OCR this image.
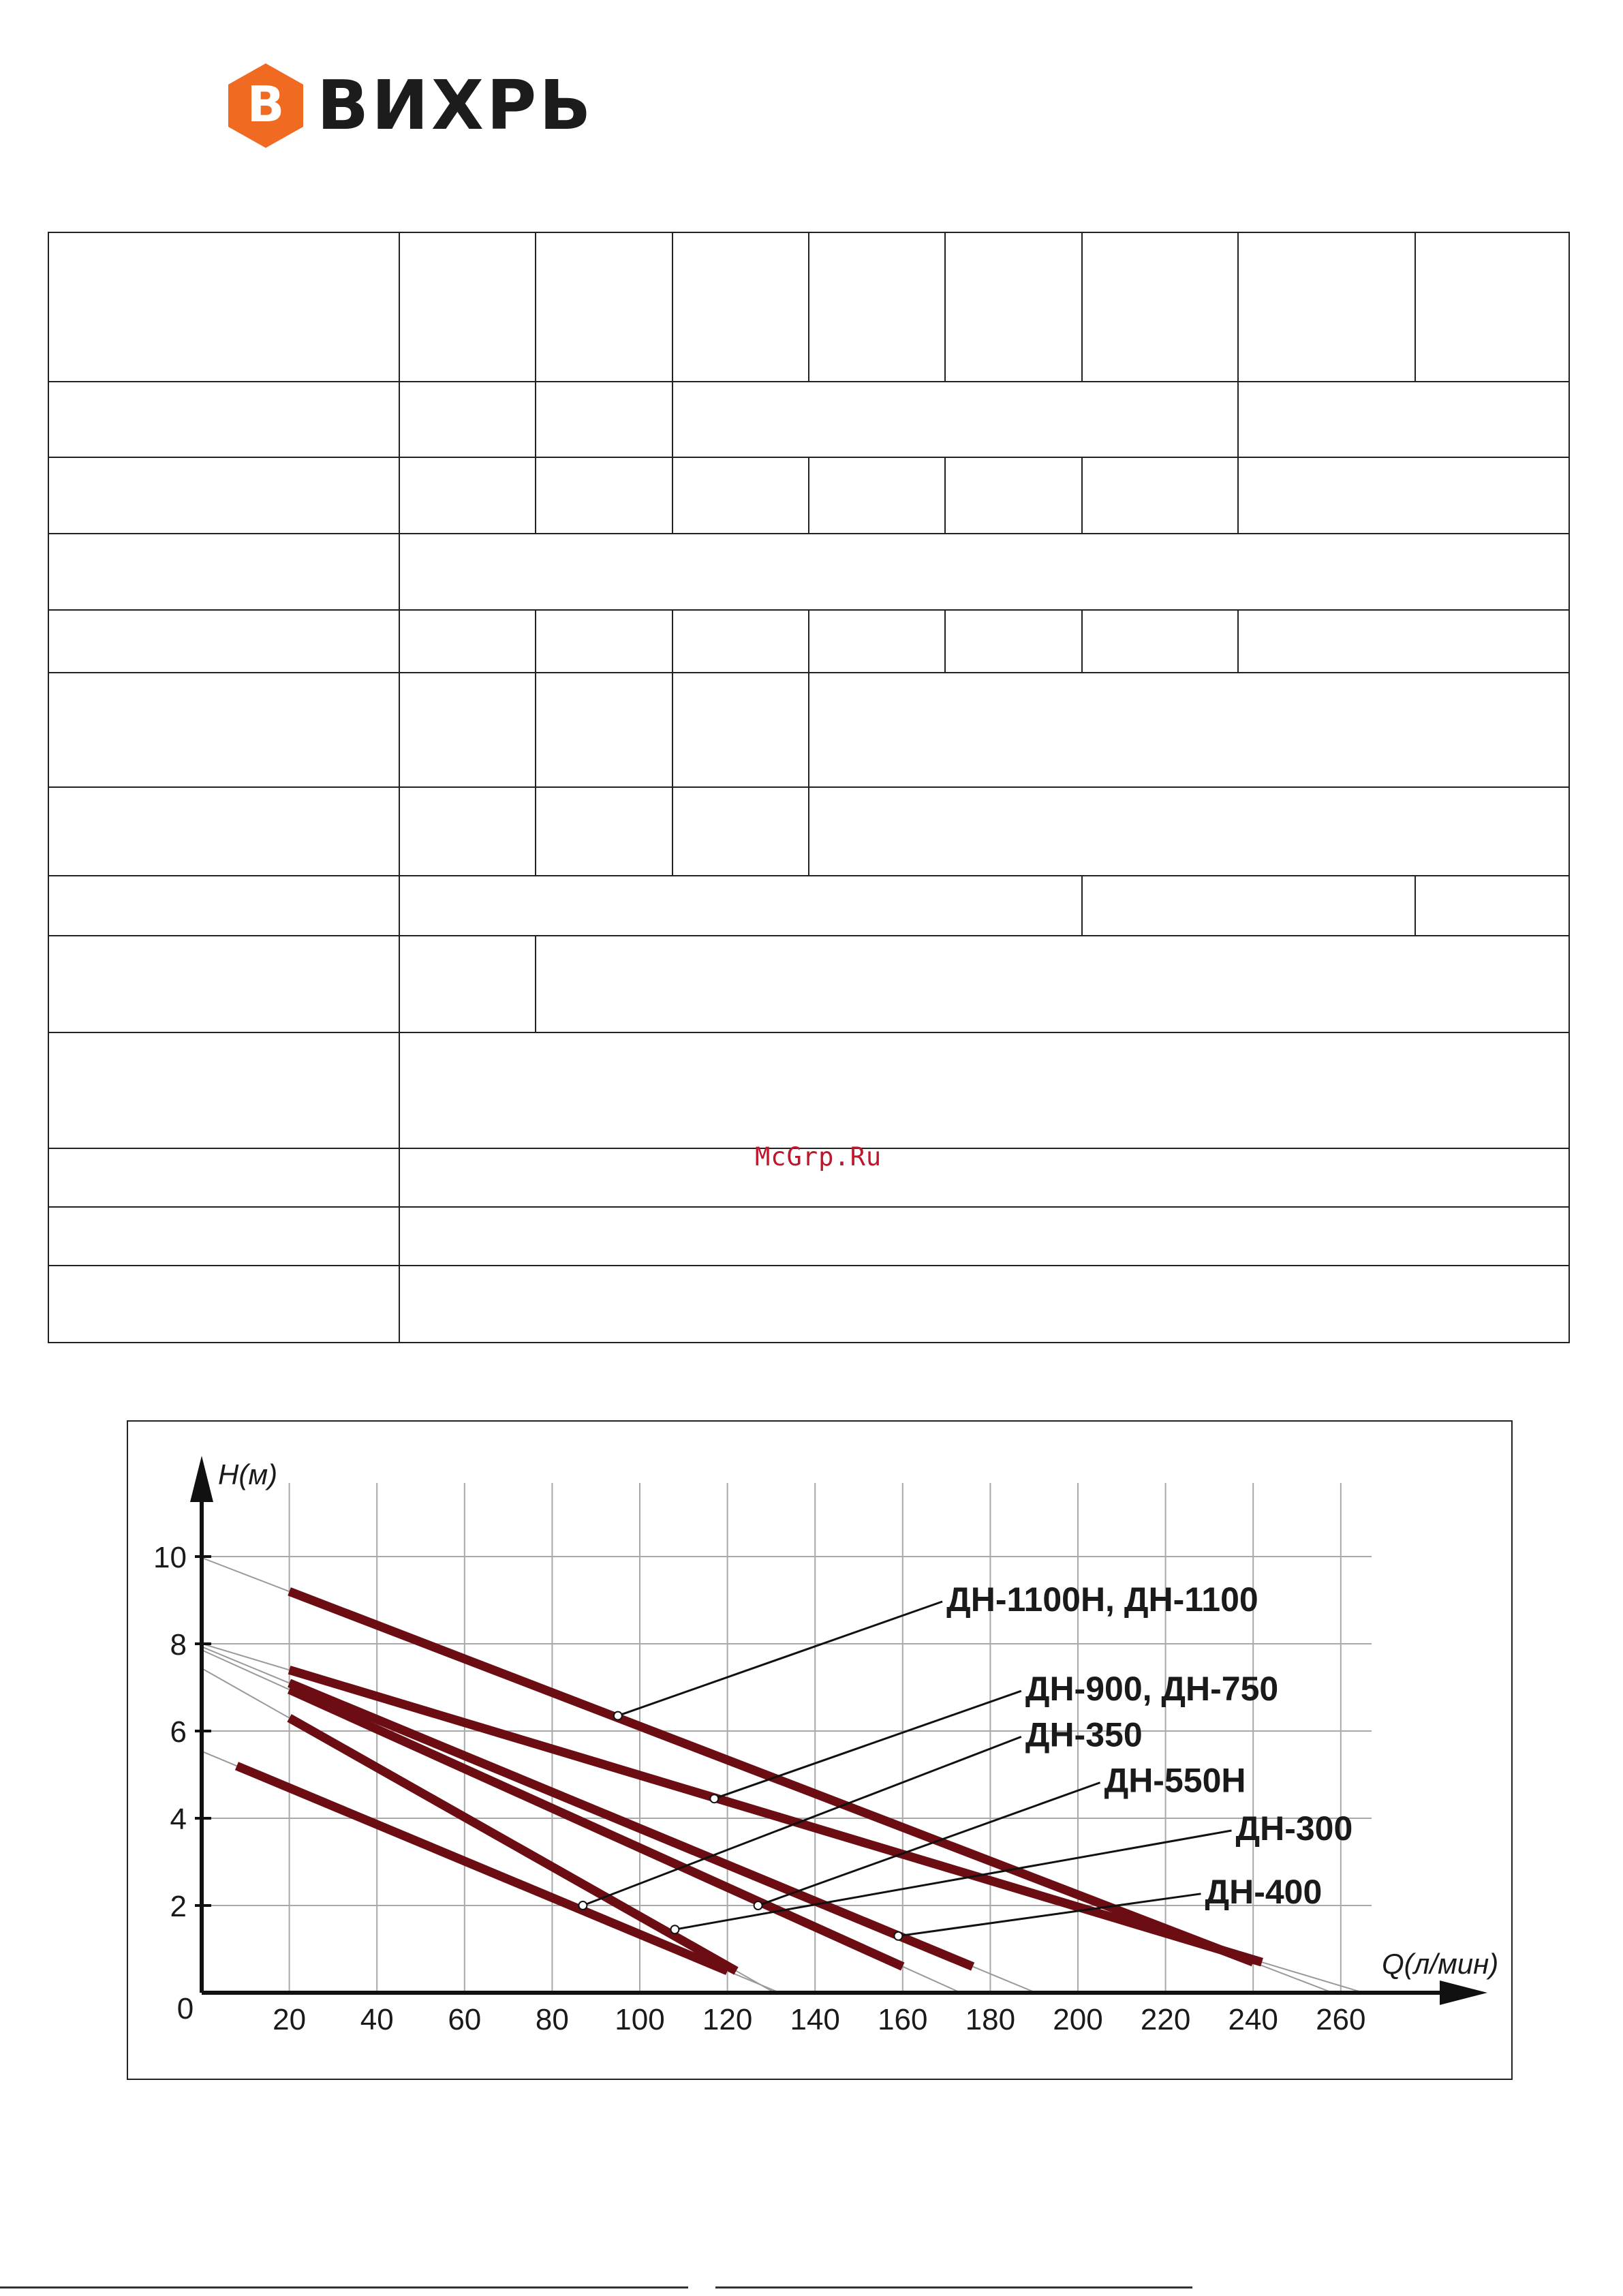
B ВИХРЬ
McGrp.Ru
20 40 60 80 100 120 140 160 180 200 220 240 260
2
4
6
8
10
0
H(м)
Q(л/мин)
ДН-1100Н, ДН-1100
ДН-900, ДН-750
ДН-350
ДН-550Н
ДН-300
ДН-400
